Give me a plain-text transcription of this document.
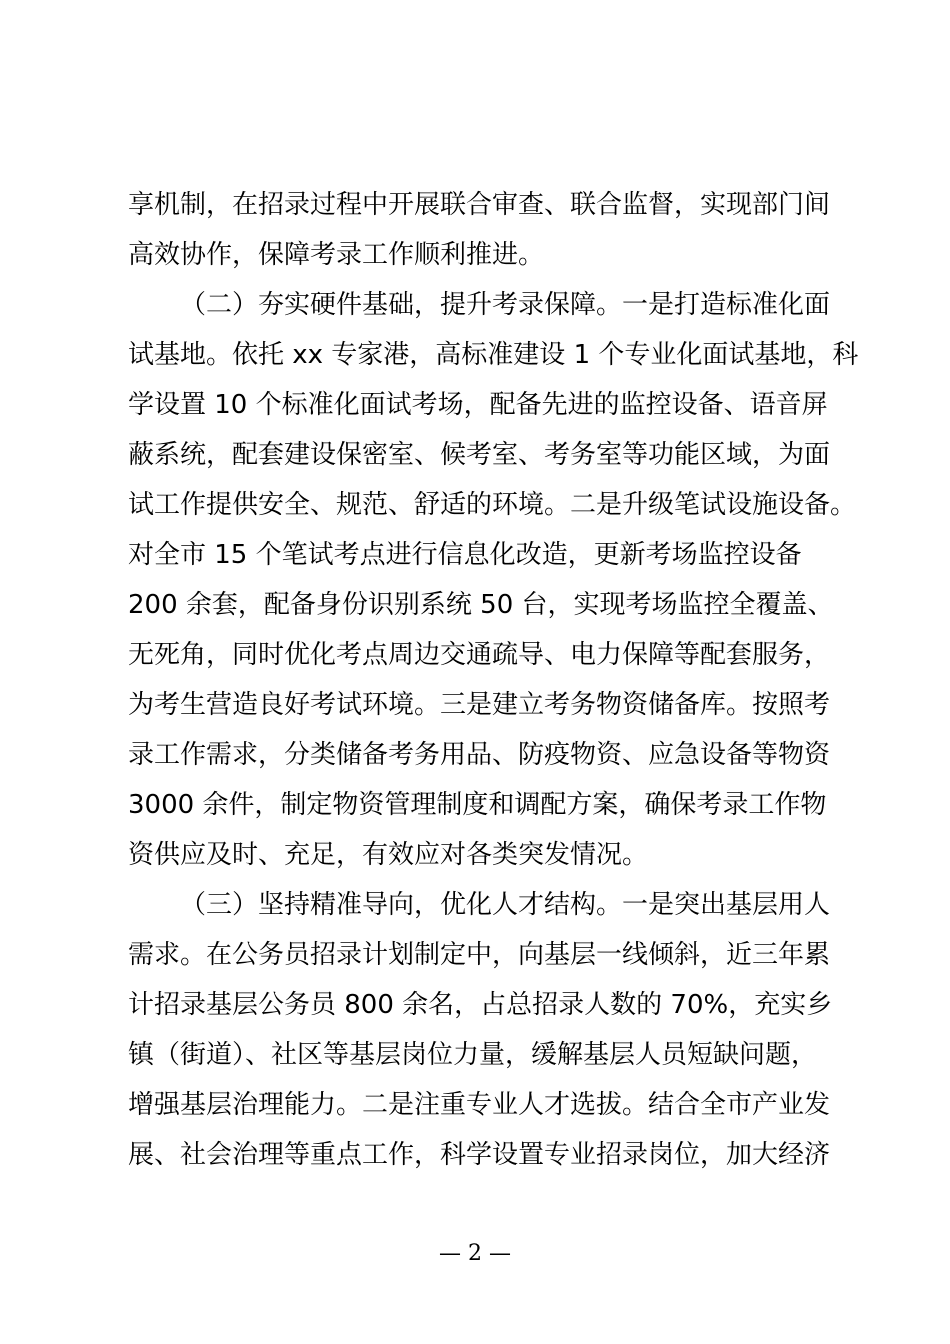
享机制，在招录过程中开展联合审查、联合监督，实现部门间
高效协作，保障考录工作顺利推进。
（二）夯实硬件基础，提升考录保障。一是打造标准化面
试基地。依托 xx 专家港，高标准建设 1 个专业化面试基地，科
学设置 10 个标准化面试考场，配备先进的监控设备、语音屏
蔽系统，配套建设保密室、候考室、考务室等功能区域，为面
试工作提供安全、规范、舒适的环境。二是升级笔试设施设备。
对全市 15 个笔试考点进行信息化改造，更新考场监控设备
200 余套，配备身份识别系统 50 台，实现考场监控全覆盖、
无死角，同时优化考点周边交通疏导、电力保障等配套服务，
为考生营造良好考试环境。三是建立考务物资储备库。按照考
录工作需求，分类储备考务用品、防疫物资、应急设备等物资
3000 余件，制定物资管理制度和调配方案，确保考录工作物
资供应及时、充足，有效应对各类突发情况。
（三）坚持精准导向，优化人才结构。一是突出基层用人
需求。在公务员招录计划制定中，向基层一线倾斜，近三年累
计招录基层公务员 800 余名，占总招录人数的 70%，充实乡
镇（街道）、社区等基层岗位力量，缓解基层人员短缺问题，
增强基层治理能力。二是注重专业人才选拔。结合全市产业发
展、社会治理等重点工作，科学设置专业招录岗位，加大经济
— 2 —
